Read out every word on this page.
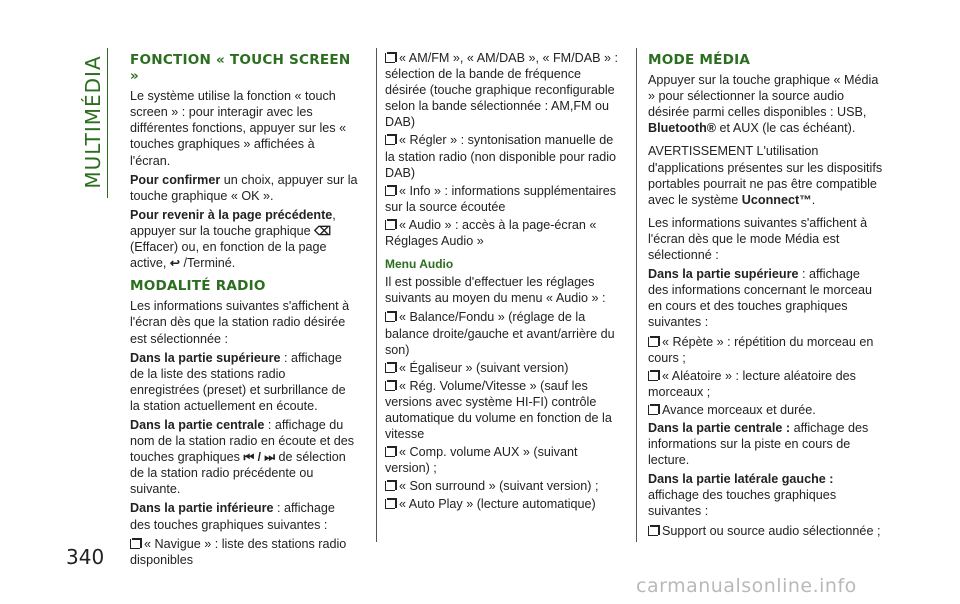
MULTIMÉDIA
340
FONCTION « TOUCH SCREEN »

Le système utilise la fonction « touch screen » : pour interagir avec les différentes fonctions, appuyer sur les « touches graphiques » affichées à l'écran.

Pour confirmer un choix, appuyer sur la touche graphique « OK ».

Pour revenir à la page précédente, appuyer sur la touche graphique ⌫ (Effacer) ou, en fonction de la page active, ↩ /Terminé.

MODALITÉ RADIO

Les informations suivantes s'affichent à l'écran dès que la station radio désirée est sélectionnée :

Dans la partie supérieure : affichage de la liste des stations radio enregistrées (preset) et surbrillance de la station actuellement en écoute.

Dans la partie centrale : affichage du nom de la station radio en écoute et des touches graphiques ⏮ / ⏭ de sélection de la station radio précédente ou suivante.

Dans la partie inférieure : affichage des touches graphiques suivantes :

« Navigue » : liste des stations radio disponibles
« AM/FM », « AM/DAB », « FM/DAB » : sélection de la bande de fréquence désirée (touche graphique reconfigurable selon la bande sélectionnée : AM,FM ou DAB)
« Régler » : syntonisation manuelle de la station radio (non disponible pour radio DAB)
« Info » : informations supplémentaires sur la source écoutée
« Audio » : accès à la page-écran « Réglages Audio »
Menu Audio

Il est possible d'effectuer les réglages suivants au moyen du menu « Audio » :

« Balance/Fondu » (réglage de la balance droite/gauche et avant/arrière du son)
« Égaliseur » (suivant version)
« Rég. Volume/Vitesse » (sauf les versions avec système HI-FI) contrôle automatique du volume en fonction de la vitesse
« Comp. volume AUX » (suivant version) ;
« Son surround » (suivant version) ;
« Auto Play » (lecture automatique)
MODE MÉDIA

Appuyer sur la touche graphique « Média » pour sélectionner la source audio désirée parmi celles disponibles : USB, Bluetooth® et AUX (le cas échéant).

AVERTISSEMENT L'utilisation d'applications présentes sur les dispositifs portables pourrait ne pas être compatible avec le système Uconnect™.

Les informations suivantes s'affichent à l'écran dès que le mode Média est sélectionné :

Dans la partie supérieure : affichage des informations concernant le morceau en cours et des touches graphiques suivantes :

« Répète » : répétition du morceau en cours ;
« Aléatoire » : lecture aléatoire des morceaux ;
Avance morceaux et durée.

Dans la partie centrale : affichage des informations sur la piste en cours de lecture.

Dans la partie latérale gauche : affichage des touches graphiques suivantes :

Support ou source audio sélectionnée ;
carmanualsonline.info
